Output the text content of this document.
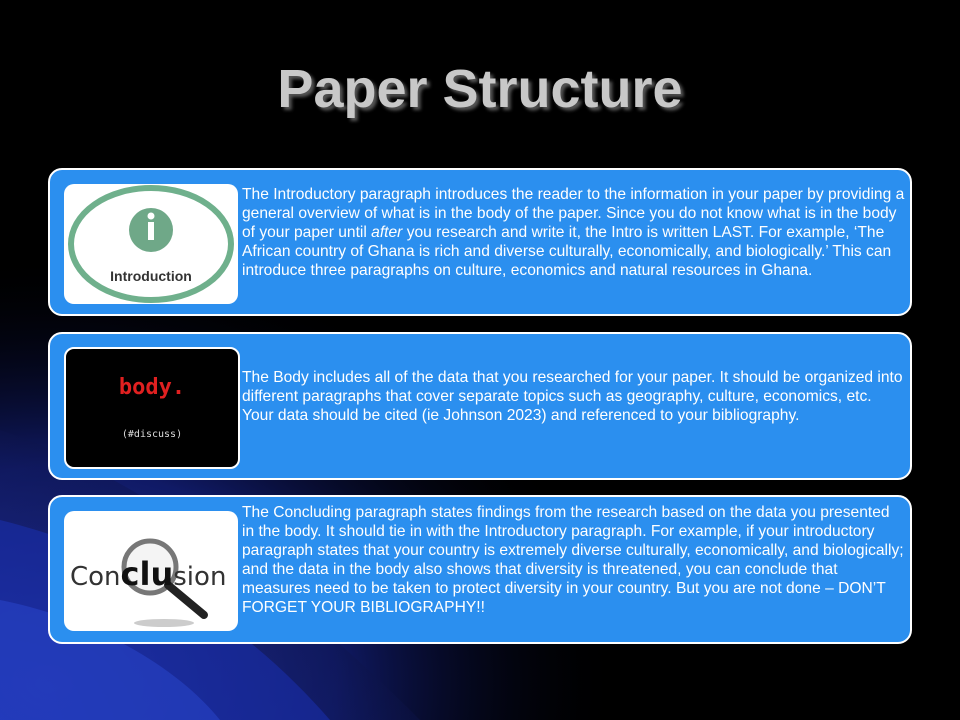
Paper Structure
Introduction
The Introductory paragraph introduces the reader to the information in your paper by providing a general overview of what is in the body of the paper. Since you do not know what is in the body of your paper until after you research and write it, the Intro is written LAST. For example, ‘The African country of Ghana is rich and diverse culturally, economically, and biologically.’ This can introduce three paragraphs on culture, economics and natural resources in Ghana.
body.
(#discuss)
The Body includes all of the data that you researched for your paper. It should be organized into different paragraphs that cover separate topics such as geography, culture, economics, etc. Your data should be cited (ie Johnson 2023) and referenced to your bibliography.
Conclusion
The Concluding paragraph states findings from the research based on the data you presented in the body. It should tie in with the Introductory paragraph. For example, if your introductory paragraph states that your country is extremely diverse culturally, economically, and biologically; and the data in the body also shows that diversity is threatened, you can conclude that measures need to be taken to protect diversity in your country. But you are not done – DON’T FORGET YOUR BIBLIOGRAPHY!!
